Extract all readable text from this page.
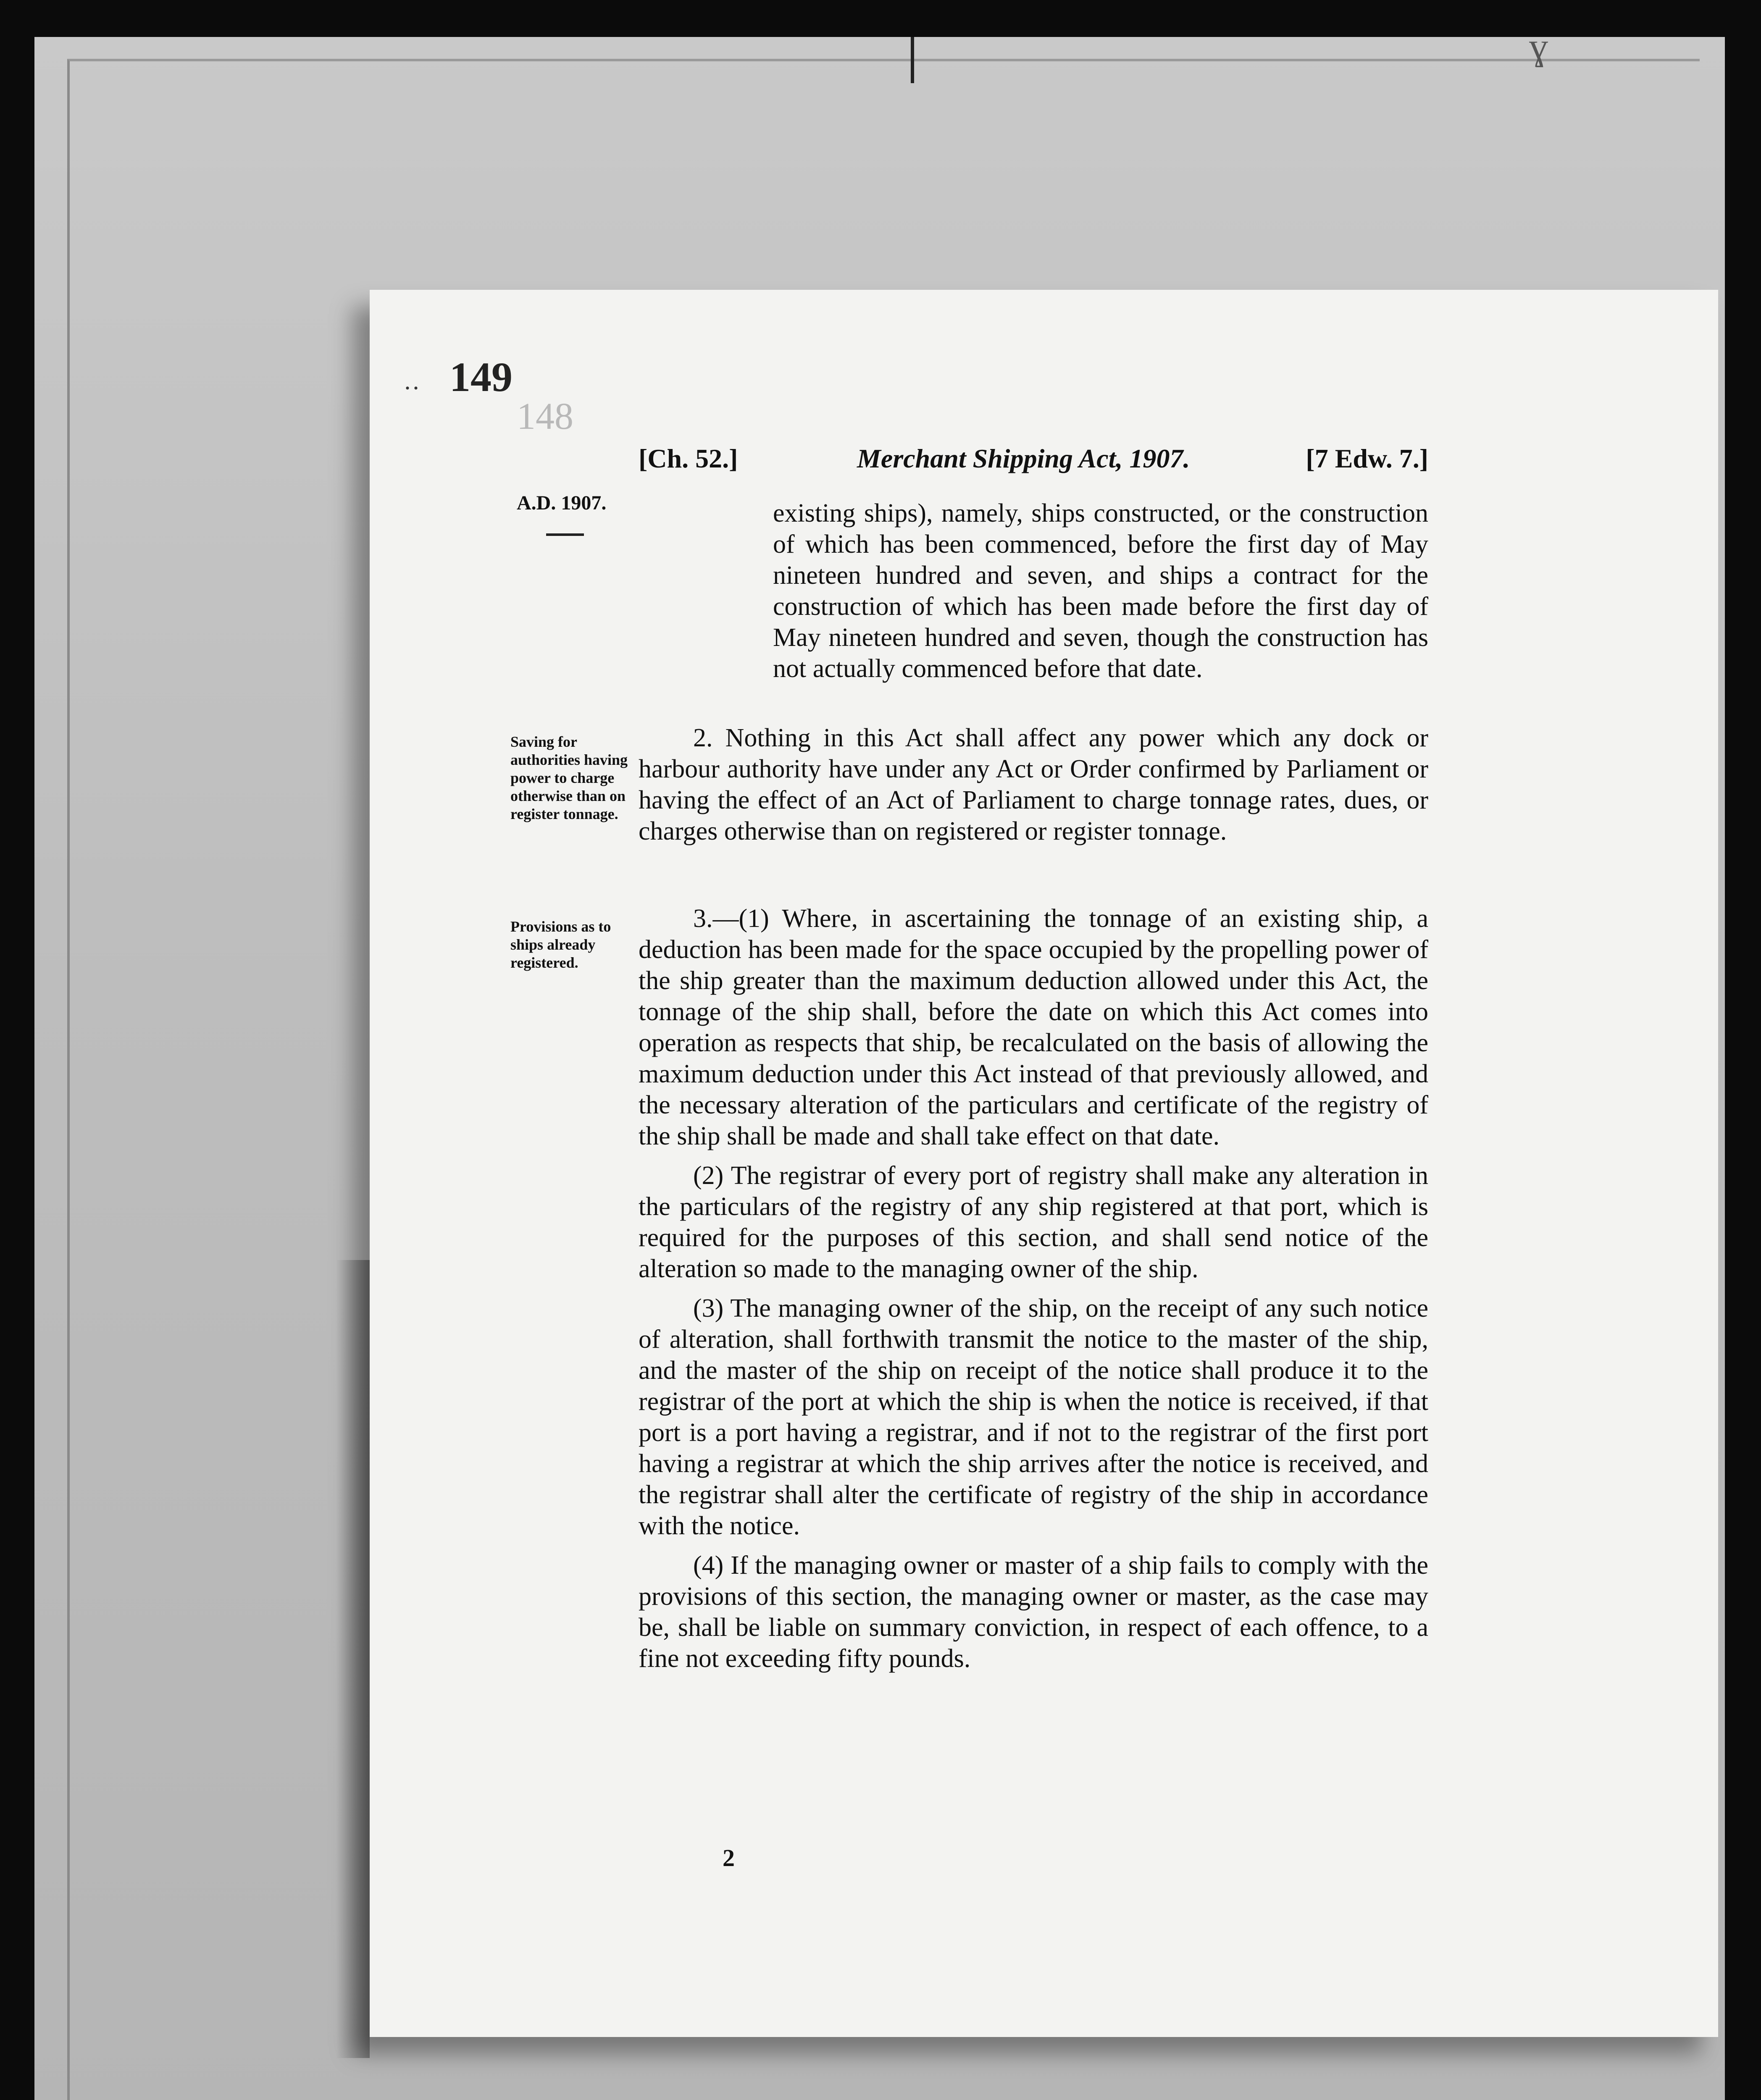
ɣ
·· 149
148
[Ch. 52.]	Merchant Shipping Act, 1907.	[7 Edw. 7.]
A.D. 1907.	existing ships), namely, ships constructed, or the construction of which has been commenced, before the first day of May nineteen hundred and seven, and ships a contract for the construction of which has been made before the first day of May nineteen hundred and seven, though the construction has not actually commenced before that date.

Saving for authorities having power to charge otherwise than on register tonnage.

2. Nothing in this Act shall affect any power which any dock or harbour authority have under any Act or Order confirmed by Parliament or having the effect of an Act of Parliament to charge tonnage rates, dues, or charges otherwise than on registered or register tonnage.

Provisions as to ships already registered.

3.—(1) Where, in ascertaining the tonnage of an existing ship, a deduction has been made for the space occupied by the propelling power of the ship greater than the maximum deduction allowed under this Act, the tonnage of the ship shall, before the date on which this Act comes into operation as respects that ship, be recalculated on the basis of allowing the maximum deduction under this Act instead of that previously allowed, and the necessary alteration of the particulars and certificate of the registry of the ship shall be made and shall take effect on that date.

(2) The registrar of every port of registry shall make any alteration in the particulars of the registry of any ship registered at that port, which is required for the purposes of this section, and shall send notice of the alteration so made to the managing owner of the ship.

(3) The managing owner of the ship, on the receipt of any such notice of alteration, shall forthwith transmit the notice to the master of the ship, and the master of the ship on receipt of the notice shall produce it to the registrar of the port at which the ship is when the notice is received, if that port is a port having a registrar, and if not to the registrar of the first port having a registrar at which the ship arrives after the notice is received, and the registrar shall alter the certificate of registry of the ship in accordance with the notice.

(4) If the managing owner or master of a ship fails to comply with the provisions of this section, the managing owner or master, as the case may be, shall be liable on summary conviction, in respect of each offence, to a fine not exceeding fifty pounds.

2
